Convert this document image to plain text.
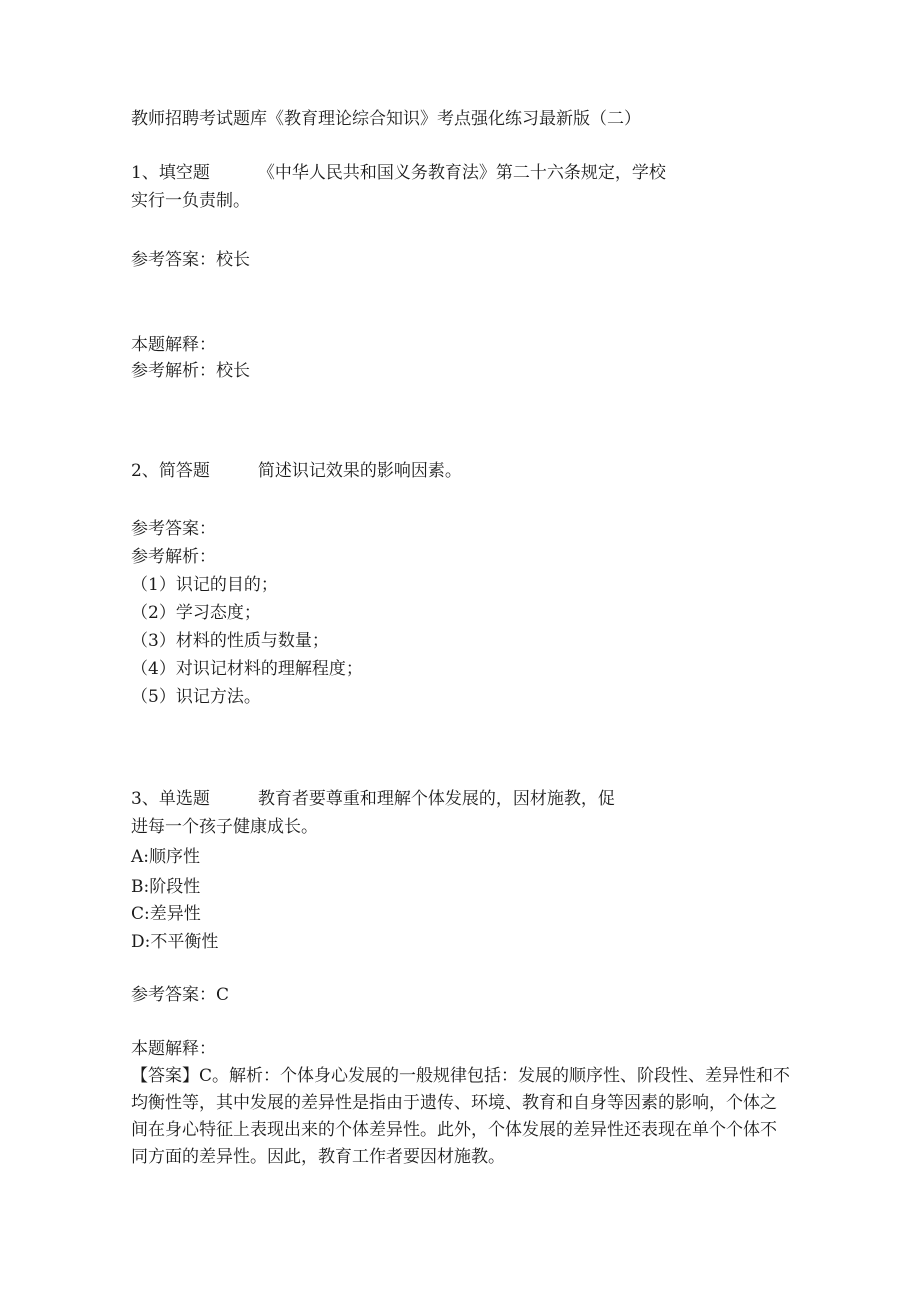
教师招聘考试题库《教育理论综合知识》考点强化练习最新版（二）

1、填空题	《中华人民共和国义务教育法》第二十六条规定，学校

实行一负责制。

参考答案：校长

本题解释：

参考解析：校长

2、简答题	简述识记效果的影响因素。

参考答案：

参考解析：

（1）识记的目的；

（2）学习态度；

（3）材料的性质与数量；

（4）对识记材料的理解程度；

（5）识记方法。

3、单选题	教育者要尊重和理解个体发展的，因材施教，促

进每一个孩子健康成长。

A:顺序性

B:阶段性

C:差异性

D:不平衡性

参考答案：C

本题解释：

【答案】C。解析：个体身心发展的一般规律包括：发展的顺序性、阶段性、差异性和不均衡性等，其中发展的差异性是指由于遗传、环境、教育和自身等因素的影响，个体之间在身心特征上表现出来的个体差异性。此外，个体发展的差异性还表现在单个个体不同方面的差异性。因此，教育工作者要因材施教。
